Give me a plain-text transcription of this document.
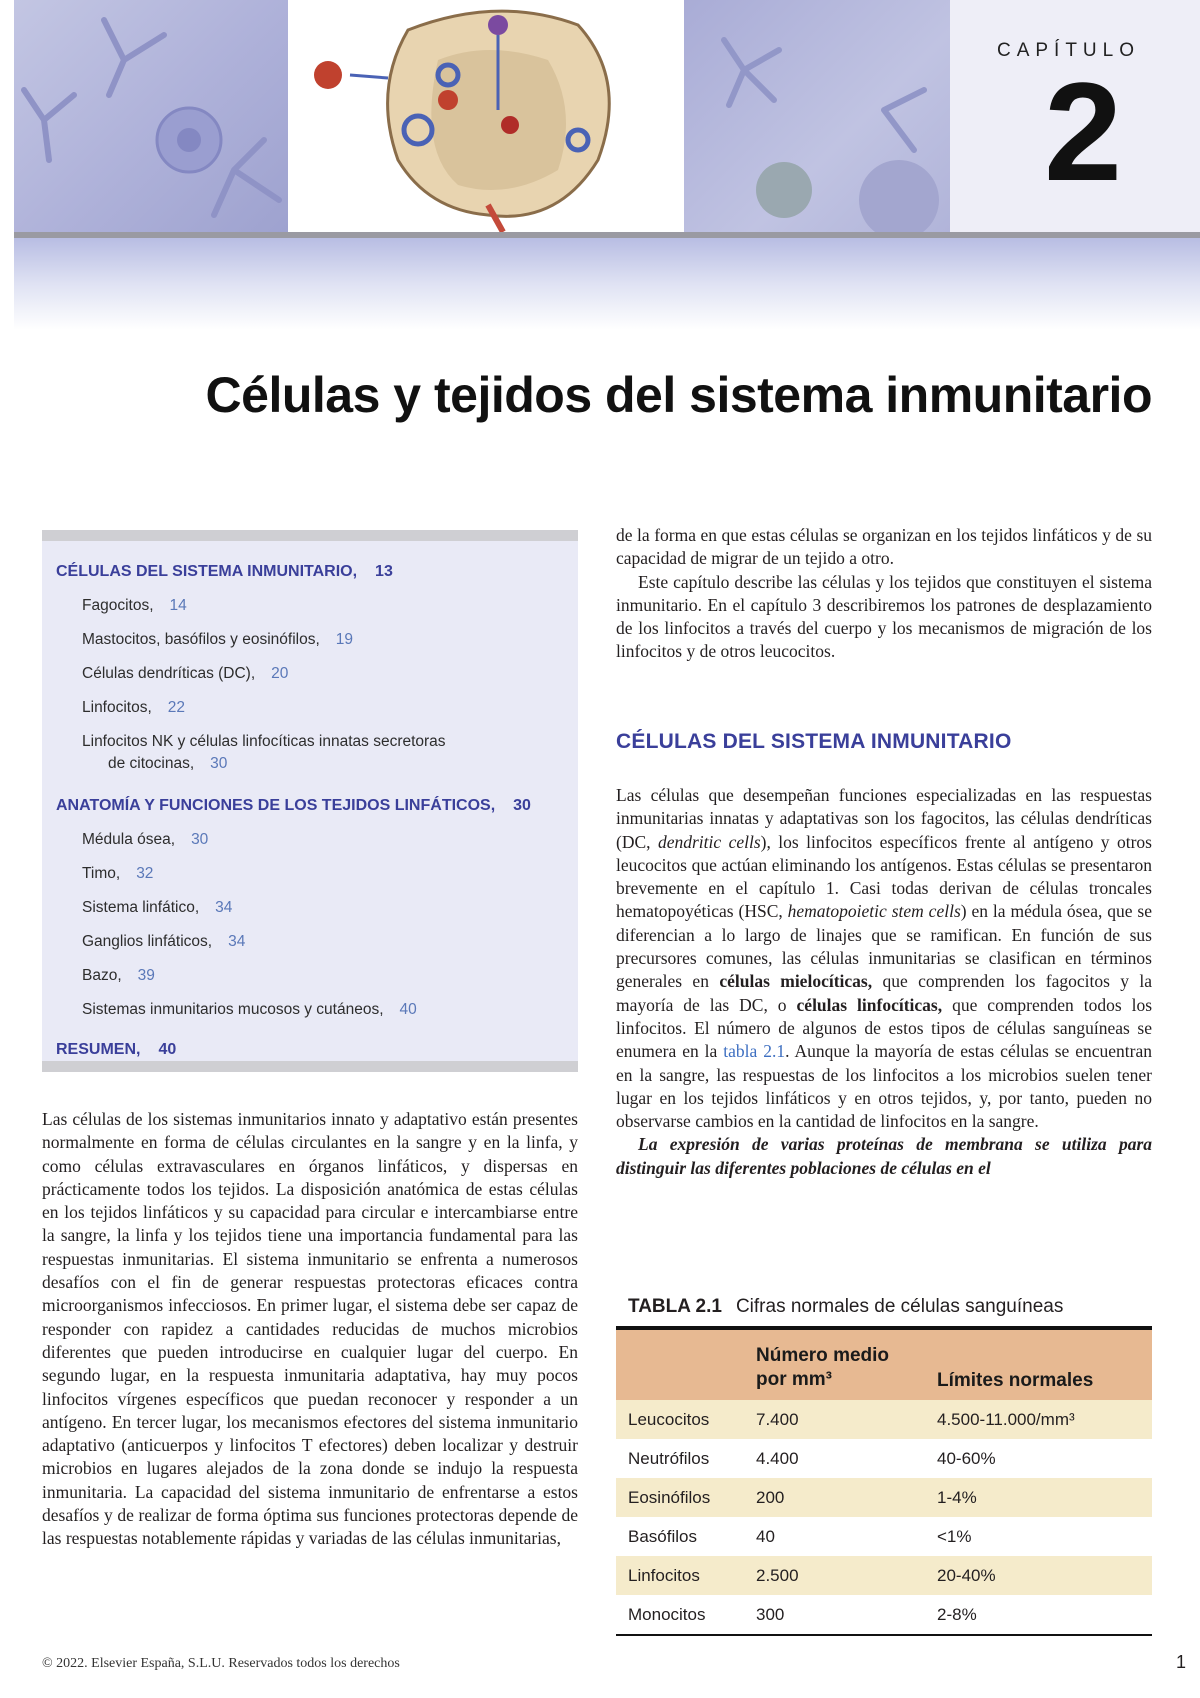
CAPÍTULO
2
Células y tejidos del sistema inmunitario
CÉLULAS DEL SISTEMA INMUNITARIO, 13
Fagocitos, 14
Mastocitos, basófilos y eosinófilos, 19
Células dendríticas (DC), 20
Linfocitos, 22
Linfocitos NK y células linfocíticas innatas secretoras
de citocinas, 30
ANATOMÍA Y FUNCIONES DE LOS TEJIDOS LINFÁTICOS, 30
Médula ósea, 30
Timo, 32
Sistema linfático, 34
Ganglios linfáticos, 34
Bazo, 39
Sistemas inmunitarios mucosos y cutáneos, 40
RESUMEN, 40

Las células de los sistemas inmunitarios innato y adaptativo están presentes normalmente en forma de células circulantes en la sangre y en la linfa, y como células extravasculares en órganos linfáticos, y dispersas en prácticamente todos los tejidos. La disposición anatómica de estas células en los tejidos linfáticos y su capacidad para circular e intercambiarse entre la sangre, la linfa y los tejidos tiene una importancia fundamental para las respuestas inmunitarias. El sistema inmunitario se enfrenta a numerosos desafíos con el fin de generar respuestas protectoras eficaces contra microorganismos infecciosos. En primer lugar, el sistema debe ser capaz de responder con rapidez a cantidades reducidas de muchos microbios diferentes que pueden introducirse en cualquier lugar del cuerpo. En segundo lugar, en la respuesta inmunitaria adaptativa, hay muy pocos linfocitos vírgenes específicos que puedan reconocer y responder a un antígeno. En tercer lugar, los mecanismos efectores del sistema inmunitario adaptativo (anticuerpos y linfocitos T efectores) deben localizar y destruir microbios en lugares alejados de la zona donde se indujo la respuesta inmunitaria. La capacidad del sistema inmunitario de enfrentarse a estos desafíos y de realizar de forma óptima sus funciones protectoras depende de las respuestas notablemente rápidas y variadas de las células inmunitarias,

de la forma en que estas células se organizan en los tejidos linfáticos y de su capacidad de migrar de un tejido a otro.
Este capítulo describe las células y los tejidos que constituyen el sistema inmunitario. En el capítulo 3 describiremos los patrones de desplazamiento de los linfocitos a través del cuerpo y los mecanismos de migración de los linfocitos y de otros leucocitos.
CÉLULAS DEL SISTEMA INMUNITARIO
Las células que desempeñan funciones especializadas en las respuestas inmunitarias innatas y adaptativas son los fagocitos, las células dendríticas (DC, dendritic cells), los linfocitos específicos frente al antígeno y otros leucocitos que actúan eliminando los antígenos. Estas células se presentaron brevemente en el capítulo 1. Casi todas derivan de células troncales hematopoyéticas (HSC, hematopoietic stem cells) en la médula ósea, que se diferencian a lo largo de linajes que se ramifican. En función de sus precursores comunes, las células inmunitarias se clasifican en términos generales en células mielocíticas, que comprenden los fagocitos y la mayoría de las DC, o células linfocíticas, que comprenden todos los linfocitos. El número de algunos de estos tipos de células sanguíneas se enumera en la tabla 2.1. Aunque la mayoría de estas células se encuentran en la sangre, las respuestas de los linfocitos a los microbios suelen tener lugar en los tejidos linfáticos y en otros tejidos, y, por tanto, pueden no observarse cambios en la cantidad de linfocitos en la sangre.
La expresión de varias proteínas de membrana se utiliza para distinguir las diferentes poblaciones de células en el
TABLA 2.1 Cifras normales de células sanguíneas
Número medio
por mm³	Límites normales
Leucocitos	7.400	4.500-11.000/mm³
Neutrófilos	4.400	40-60%
Eosinófilos	200	1-4%
Basófilos	40	<1%
Linfocitos	2.500	20-40%
Monocitos	300	2-8%
© 2022. Elsevier España, S.L.U. Reservados todos los derechos	1
